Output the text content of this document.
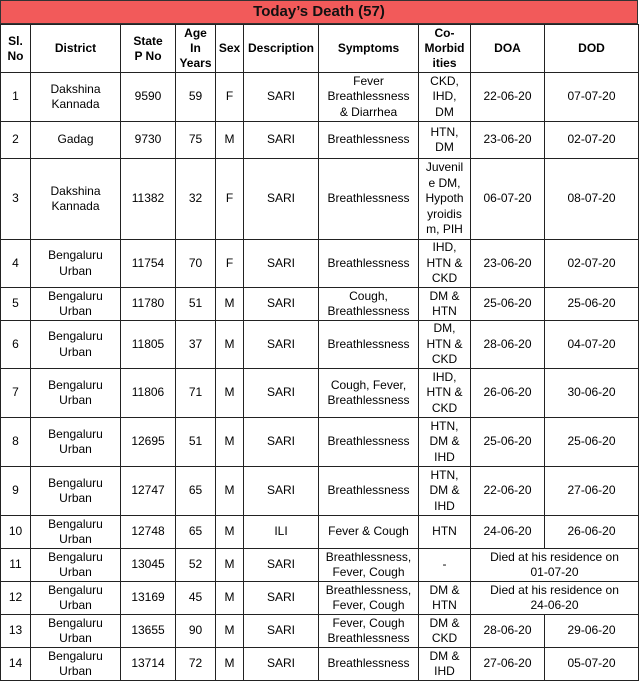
Today’s Death (57)
Sl.
No	District	State
P No	Age
In
Years	Sex	Description	Symptoms	Co-
Morbid
ities	DOA	DOD
1	Dakshina
Kannada	9590	59	F	SARI	Fever
Breathlessness
& Diarrhea	CKD,
IHD,
DM	22-06-20	07-07-20
2	Gadag	9730	75	M	SARI	Breathlessness	HTN,
DM	23-06-20	02-07-20
3	Dakshina
Kannada	11382	32	F	SARI	Breathlessness	Juvenil
e DM,
Hypoth
yroidis
m, PIH	06-07-20	08-07-20
4	Bengaluru
Urban	11754	70	F	SARI	Breathlessness	IHD,
HTN &
CKD	23-06-20	02-07-20
5	Bengaluru
Urban	11780	51	M	SARI	Cough,
Breathlessness	DM &
HTN	25-06-20	25-06-20
6	Bengaluru
Urban	11805	37	M	SARI	Breathlessness	DM,
HTN &
CKD	28-06-20	04-07-20
7	Bengaluru
Urban	11806	71	M	SARI	Cough, Fever,
Breathlessness	IHD,
HTN &
CKD	26-06-20	30-06-20
8	Bengaluru
Urban	12695	51	M	SARI	Breathlessness	HTN,
DM &
IHD	25-06-20	25-06-20
9	Bengaluru
Urban	12747	65	M	SARI	Breathlessness	HTN,
DM &
IHD	22-06-20	27-06-20
10	Bengaluru
Urban	12748	65	M	ILI	Fever & Cough	HTN	24-06-20	26-06-20
11	Bengaluru
Urban	13045	52	M	SARI	Breathlessness,
Fever, Cough	-	Died at his residence on
01-07-20	
12	Bengaluru
Urban	13169	45	M	SARI	Breathlessness,
Fever, Cough	DM &
HTN	Died at his residence on
24-06-20	
13	Bengaluru
Urban	13655	90	M	SARI	Fever, Cough
Breathlessness	DM &
CKD	28-06-20	29-06-20
14	Bengaluru
Urban	13714	72	M	SARI	Breathlessness	DM &
IHD	27-06-20	05-07-20
